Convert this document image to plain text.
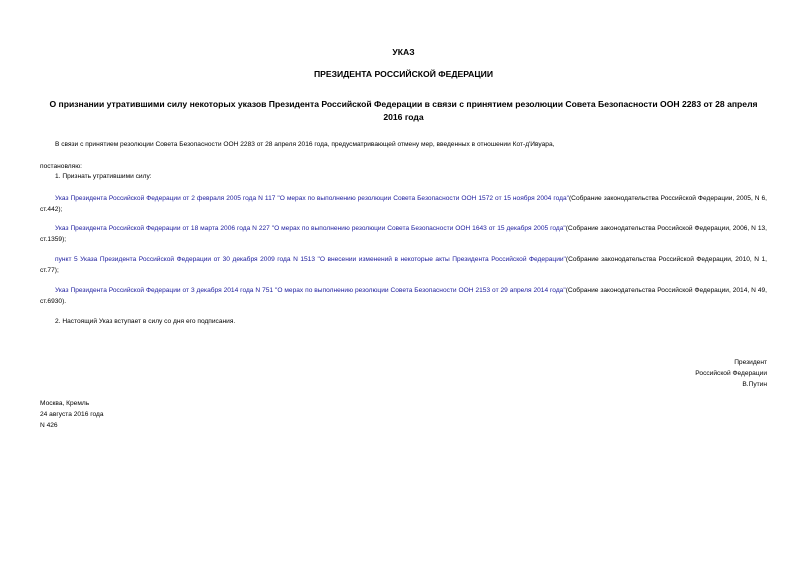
УКАЗ
ПРЕЗИДЕНТА РОССИЙСКОЙ ФЕДЕРАЦИИ
О признании утратившими силу некоторых указов Президента Российской Федерации в связи с принятием резолюции Совета Безопасности ООН 2283 от 28 апреля 2016 года
В связи с принятием резолюции Совета Безопасности ООН 2283 от 28 апреля 2016 года, предусматривающей отмену мер, введенных в отношении Кот-д'Ивуара,
постановляю:
1. Признать утратившими силу:
Указ Президента Российской Федерации от 2 февраля 2005 года N 117 "О мерах по выполнению резолюции Совета Безопасности ООН 1572 от 15 ноября 2004 года"(Собрание законодательства Российской Федерации, 2005, N 6, ст.442);
Указ Президента Российской Федерации от 18 марта 2006 года N 227 "О мерах по выполнению резолюции Совета Безопасности ООН 1643 от 15 декабря 2005 года"(Собрание законодательства Российской Федерации, 2006, N 13, ст.1359);
пункт 5 Указа Президента Российской Федерации от 30 декабря 2009 года N 1513 "О внесении изменений в некоторые акты Президента Российской Федерации"(Собрание законодательства Российской Федерации, 2010, N 1, ст.77);
Указ Президента Российской Федерации от 3 декабря 2014 года N 751 "О мерах по выполнению резолюции Совета Безопасности ООН 2153 от 29 апреля 2014 года"(Собрание законодательства Российской Федерации, 2014, N 49, ст.6930).
2. Настоящий Указ вступает в силу со дня его подписания.
Президент
Российской Федерации
В.Путин
Москва, Кремль
24 августа 2016 года
N 426
